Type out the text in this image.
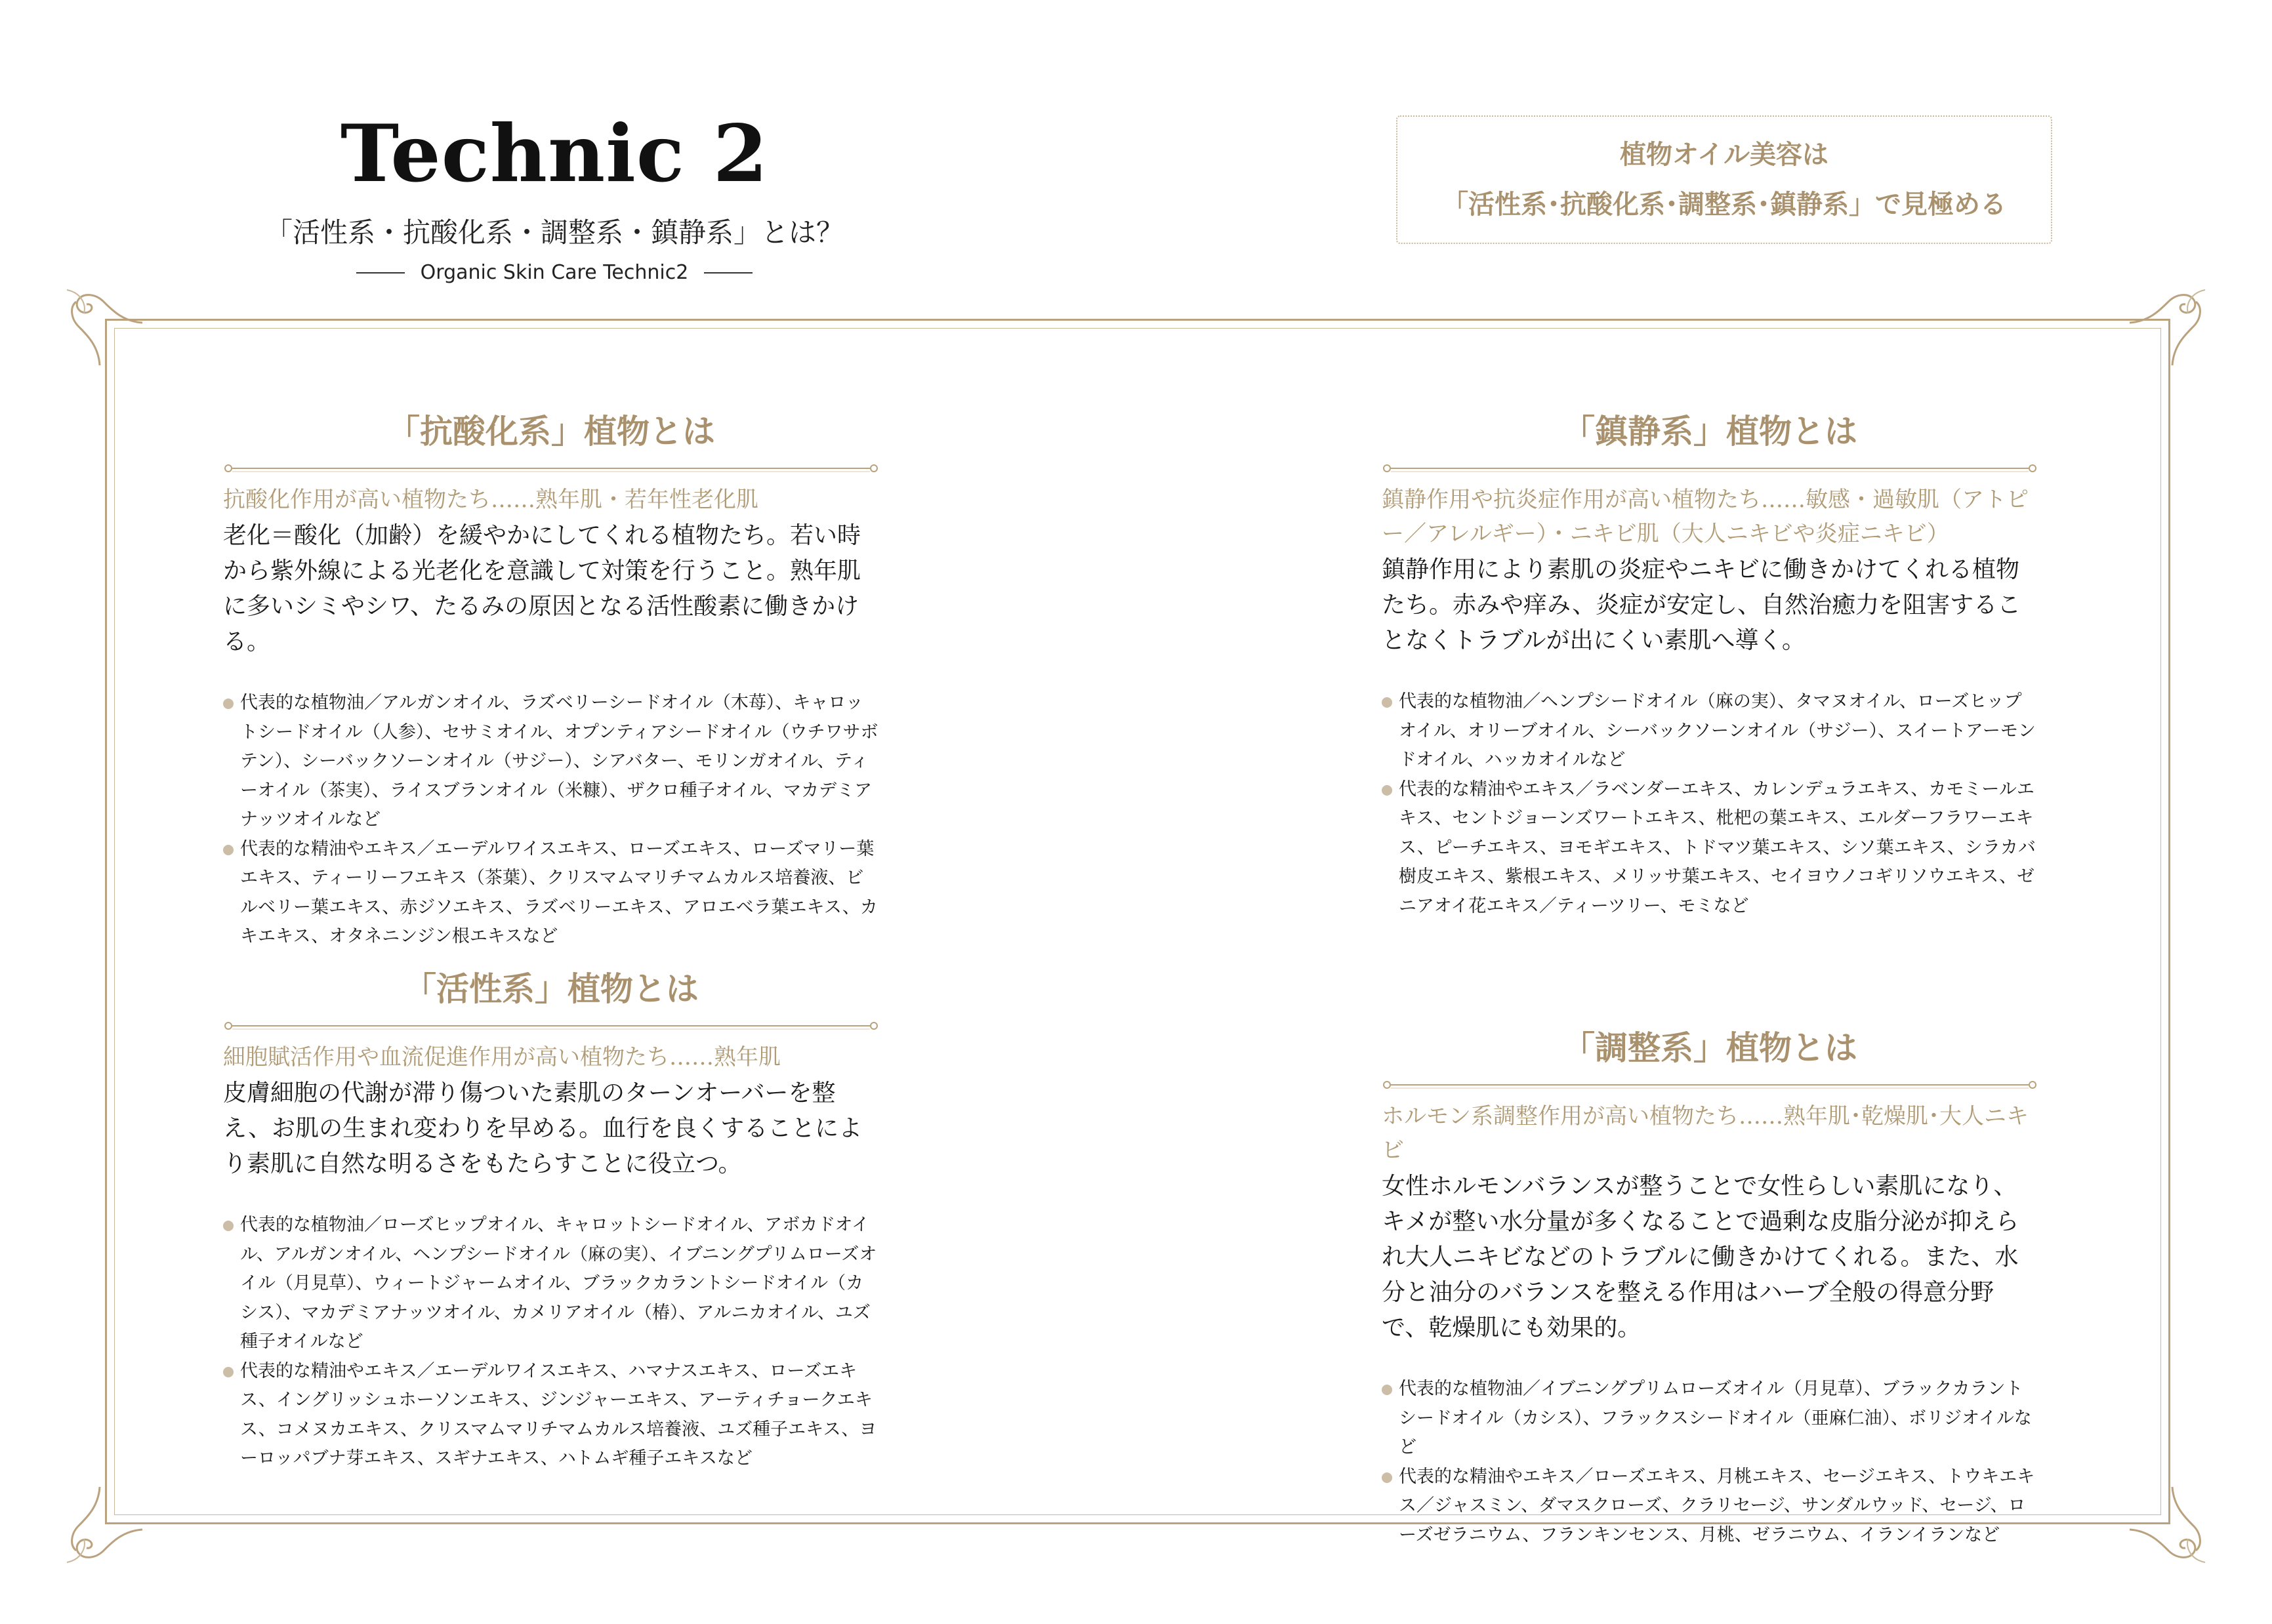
Technic 2
「活性系・抗酸化系・調整系・鎮静系」とは？
Organic Skin Care Technic2
植物オイル美容は
「活性系･抗酸化系･調整系･鎮静系」で見極める
「抗酸化系」植物とは
抗酸化作用が高い植物たち……熟年肌・若年性老化肌
老化＝酸化（加齢）を緩やかにしてくれる植物たち。若い時から紫外線による光老化を意識して対策を行うこと。熟年肌に多いシミやシワ、たるみの原因となる活性酸素に働きかける。
代表的な植物油／アルガンオイル、ラズベリーシードオイル（木苺）、キャロットシードオイル（人参）、セサミオイル、オプンティアシードオイル（ウチワサボテン）、シーバックソーンオイル（サジー）、シアバター、モリンガオイル、ティーオイル（茶実）、ライスブランオイル（米糠）、ザクロ種子オイル、マカデミアナッツオイルなど
代表的な精油やエキス／エーデルワイスエキス、ローズエキス、ローズマリー葉エキス、ティーリーフエキス（茶葉）、クリスマムマリチマムカルス培養液、ビルベリー葉エキス、赤ジソエキス、ラズベリーエキス、アロエベラ葉エキス、カキエキス、オタネニンジン根エキスなど
「活性系」植物とは
細胞賦活作用や血流促進作用が高い植物たち……熟年肌
皮膚細胞の代謝が滞り傷ついた素肌のターンオーバーを整え、お肌の生まれ変わりを早める。血行を良くすることにより素肌に自然な明るさをもたらすことに役立つ。
代表的な植物油／ローズヒップオイル、キャロットシードオイル、アボカドオイル、アルガンオイル、ヘンプシードオイル（麻の実）、イブニングプリムローズオイル（月見草）、ウィートジャームオイル、ブラックカラントシードオイル（カシス）、マカデミアナッツオイル、カメリアオイル（椿）、アルニカオイル、ユズ種子オイルなど
代表的な精油やエキス／エーデルワイスエキス、ハマナスエキス、ローズエキス、イングリッシュホーソンエキス、ジンジャーエキス、アーティチョークエキス、コメヌカエキス、クリスマムマリチマムカルス培養液、ユズ種子エキス、ヨーロッパブナ芽エキス、スギナエキス、ハトムギ種子エキスなど
「鎮静系」植物とは
鎮静作用や抗炎症作用が高い植物たち……敏感・過敏肌（アトピー／アレルギー）・ニキビ肌（大人ニキビや炎症ニキビ）
鎮静作用により素肌の炎症やニキビに働きかけてくれる植物たち。赤みや痒み、炎症が安定し、自然治癒力を阻害することなくトラブルが出にくい素肌へ導く。
代表的な植物油／ヘンプシードオイル（麻の実）、タマヌオイル、ローズヒップオイル、オリーブオイル、シーバックソーンオイル（サジー）、スイートアーモンドオイル、ハッカオイルなど
代表的な精油やエキス／ラベンダーエキス、カレンデュラエキス、カモミールエキス、セントジョーンズワートエキス、枇杷の葉エキス、エルダーフラワーエキス、ピーチエキス、ヨモギエキス、トドマツ葉エキス、シソ葉エキス、シラカバ樹皮エキス、紫根エキス、メリッサ葉エキス、セイヨウノコギリソウエキス、ゼニアオイ花エキス／ティーツリー、モミなど
「調整系」植物とは
ホルモン系調整作用が高い植物たち……熟年肌･乾燥肌･大人ニキビ
女性ホルモンバランスが整うことで女性らしい素肌になり、キメが整い水分量が多くなることで過剰な皮脂分泌が抑えられ大人ニキビなどのトラブルに働きかけてくれる。また、水分と油分のバランスを整える作用はハーブ全般の得意分野で、乾燥肌にも効果的。
代表的な植物油／イブニングプリムローズオイル（月見草）、ブラックカラントシードオイル（カシス）、フラックスシードオイル（亜麻仁油）、ボリジオイルなど
代表的な精油やエキス／ローズエキス、月桃エキス、セージエキス、トウキエキス／ジャスミン、ダマスクローズ、クラリセージ、サンダルウッド、セージ、ローズゼラニウム、フランキンセンス、月桃、ゼラニウム、イランイランなど
